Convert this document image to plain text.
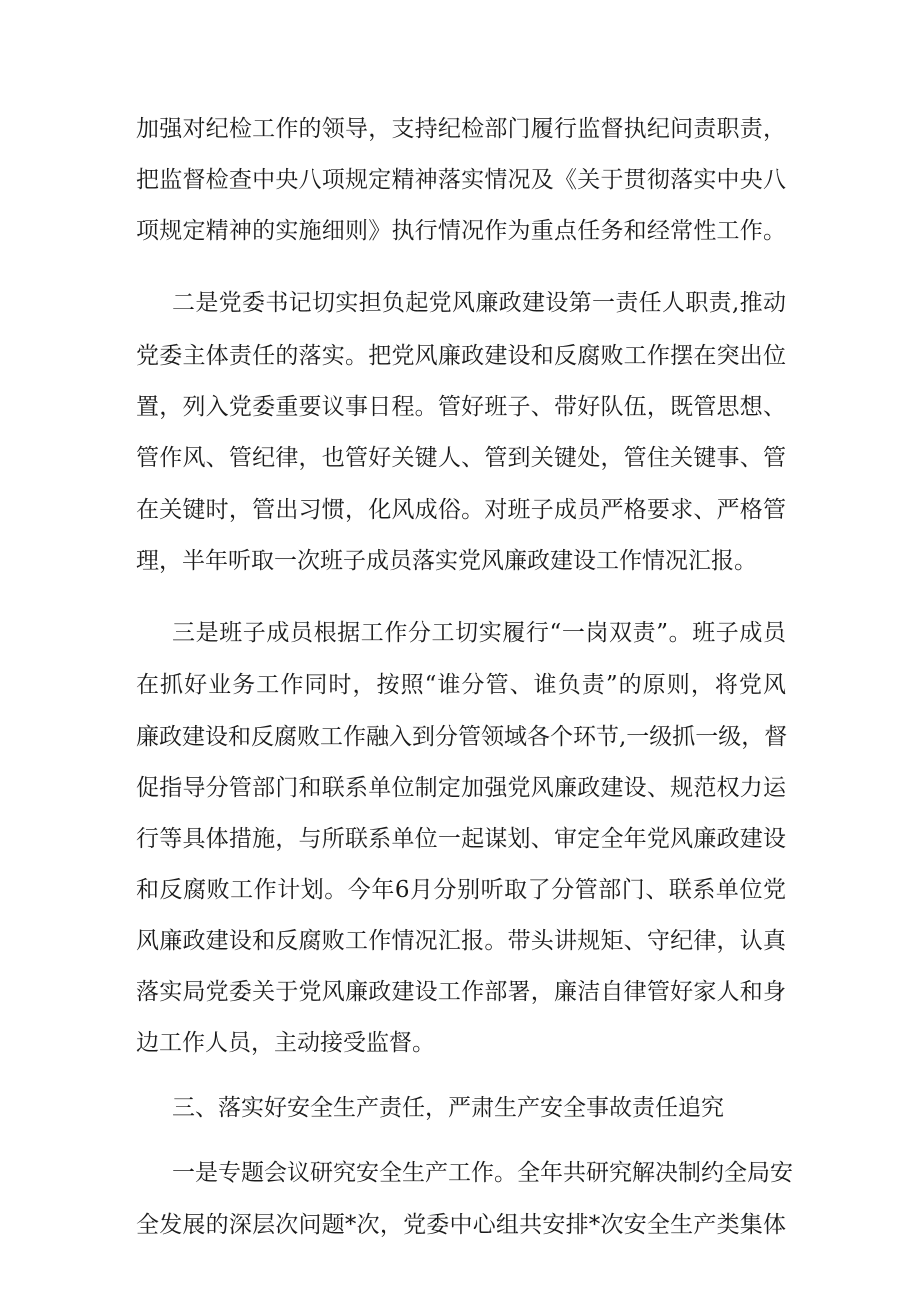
加强对纪检工作的领导，支持纪检部门履行监督执纪问责职责，
把监督检查中央八项规定精神落实情况及《关于贯彻落实中央八
项规定精神的实施细则》执行情况作为重点任务和经常性工作。
二是党委书记切实担负起党风廉政建设第一责任人职责,推动
党委主体责任的落实。把党风廉政建设和反腐败工作摆在突出位
置，列入党委重要议事日程。管好班子、带好队伍，既管思想、
管作风、管纪律，也管好关键人、管到关键处，管住关键事、管
在关键时，管出习惯，化风成俗。对班子成员严格要求、严格管
理，半年听取一次班子成员落实党风廉政建设工作情况汇报。
三是班子成员根据工作分工切实履行“一岗双责”。班子成员
在抓好业务工作同时，按照“谁分管、谁负责”的原则，将党风
廉政建设和反腐败工作融入到分管领域各个环节,一级抓一级，督
促指导分管部门和联系单位制定加强党风廉政建设、规范权力运
行等具体措施，与所联系单位一起谋划、审定全年党风廉政建设
和反腐败工作计划。今年6月分别听取了分管部门、联系单位党
风廉政建设和反腐败工作情况汇报。带头讲规矩、守纪律，认真
落实局党委关于党风廉政建设工作部署，廉洁自律管好家人和身
边工作人员，主动接受监督。
三、落实好安全生产责任，严肃生产安全事故责任追究
一是专题会议研究安全生产工作。全年共研究解决制约全局安
全发展的深层次问题*次，党委中心组共安排*次安全生产类集体
